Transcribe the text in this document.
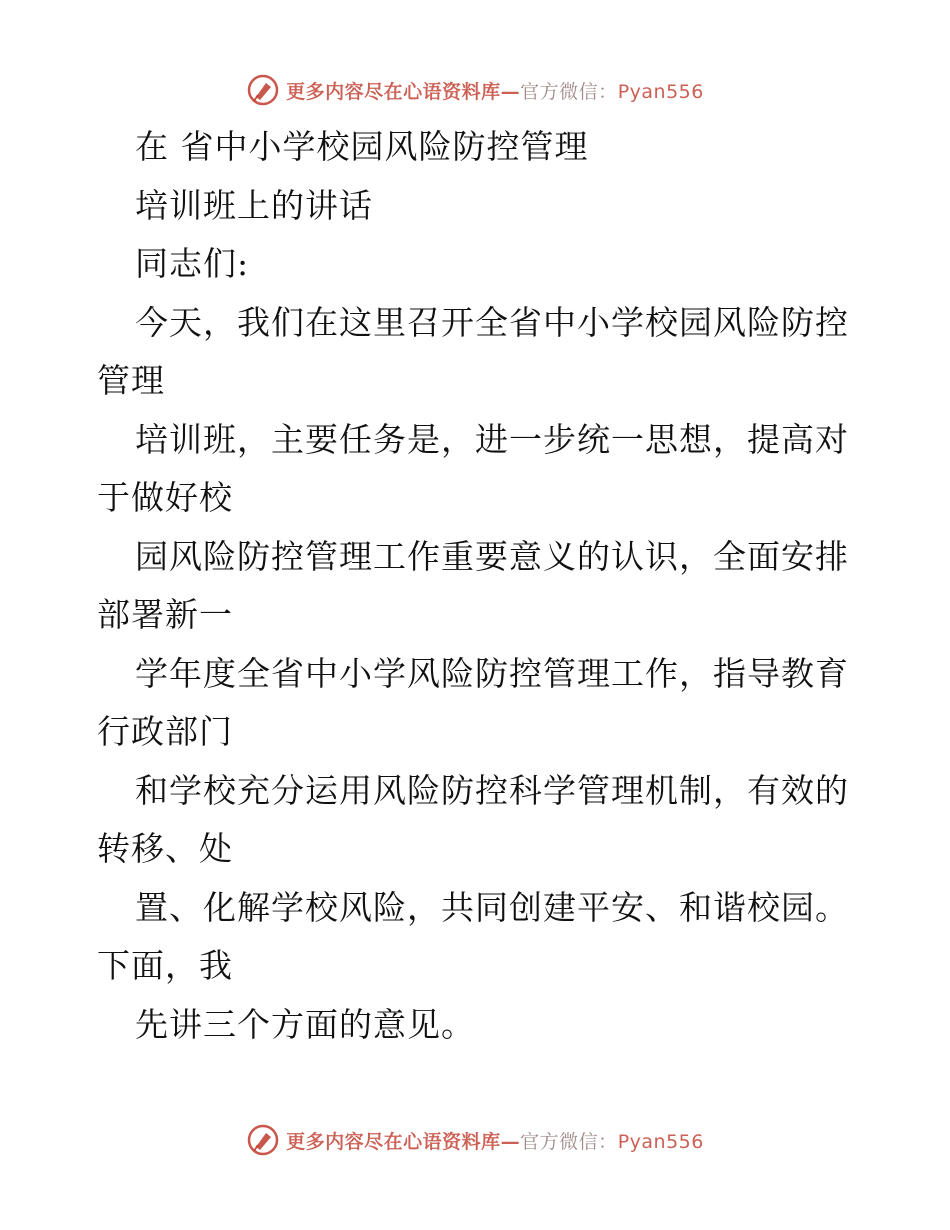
更多内容尽在心语资料库—官方微信：Pyan556
在 省中小学校园风险防控管理
培训班上的讲话
同志们:
今天，我们在这里召开全省中小学校园风险防控
管理
培训班，主要任务是，进一步统一思想，提高对
于做好校
园风险防控管理工作重要意义的认识，全面安排
部署新一
学年度全省中小学风险防控管理工作，指导教育
行政部门
和学校充分运用风险防控科学管理机制，有效的
转移、处
置、化解学校风险，共同创建平安、和谐校园。
下面，我
先讲三个方面的意见。
更多内容尽在心语资料库—官方微信：Pyan556
